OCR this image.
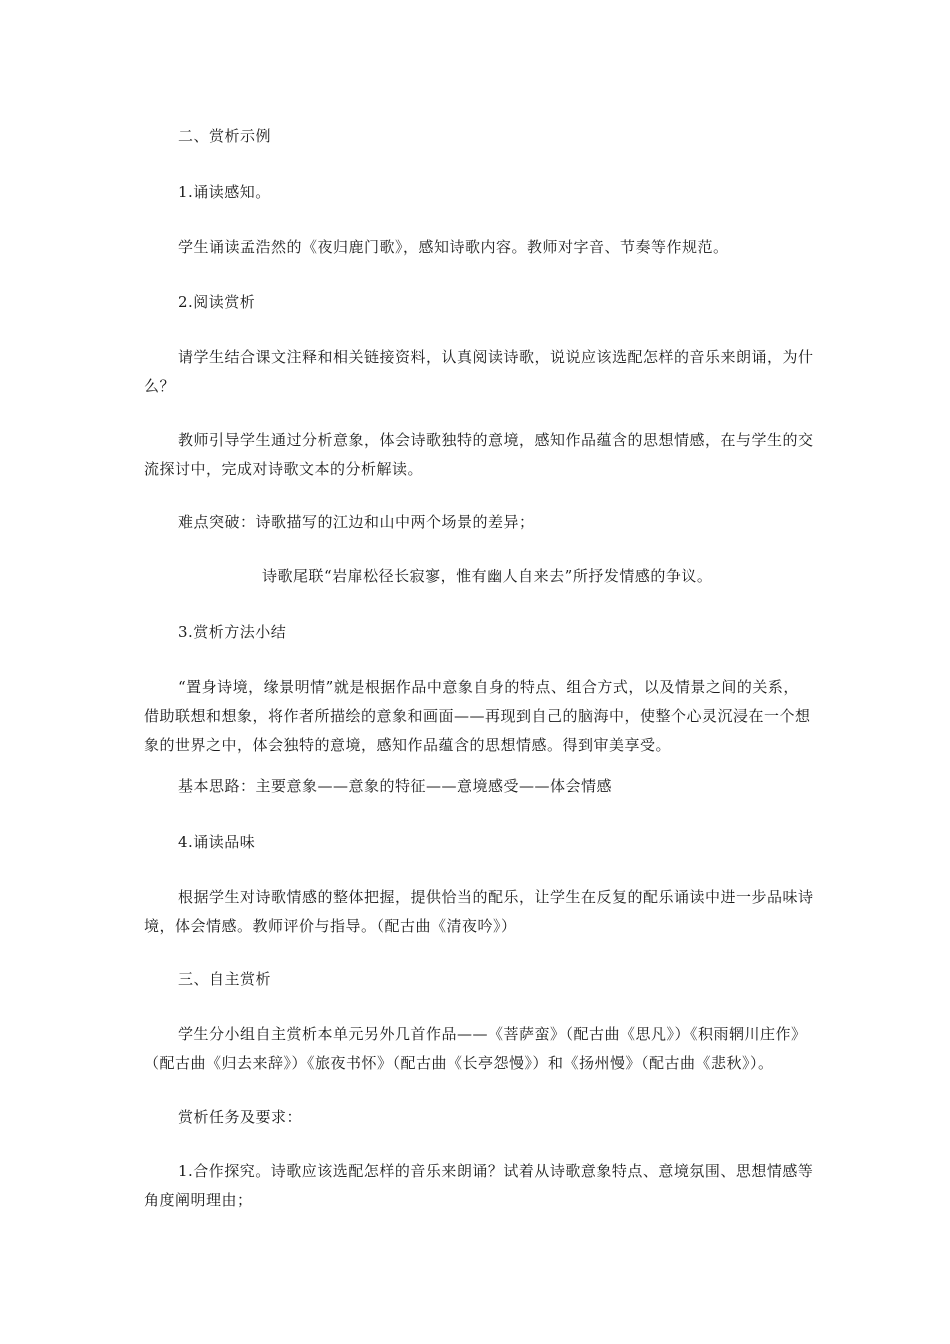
二、赏析示例

1.诵读感知。

学生诵读孟浩然的《夜归鹿门歌》，感知诗歌内容。教师对字音、节奏等作规范。

2.阅读赏析

请学生结合课文注释和相关链接资料，认真阅读诗歌，说说应该选配怎样的音乐来朗诵，为什么？

教师引导学生通过分析意象，体会诗歌独特的意境，感知作品蕴含的思想情感，在与学生的交流探讨中，完成对诗歌文本的分析解读。

难点突破：诗歌描写的江边和山中两个场景的差异；

诗歌尾联“岩扉松径长寂寥，惟有幽人自来去”所抒发情感的争议。

3.赏析方法小结

“置身诗境，缘景明情”就是根据作品中意象自身的特点、组合方式，以及情景之间的关系，借助联想和想象，将作者所描绘的意象和画面——再现到自己的脑海中，使整个心灵沉浸在一个想象的世界之中，体会独特的意境，感知作品蕴含的思想情感。得到审美享受。

基本思路：主要意象——意象的特征——意境感受——体会情感

4.诵读品味

根据学生对诗歌情感的整体把握，提供恰当的配乐，让学生在反复的配乐诵读中进一步品味诗境，体会情感。教师评价与指导。（配古曲《清夜吟》）

三、自主赏析

学生分小组自主赏析本单元另外几首作品——《菩萨蛮》（配古曲《思凡》）《积雨辋川庄作》（配古曲《归去来辞》）《旅夜书怀》（配古曲《长亭怨慢》）和《扬州慢》（配古曲《悲秋》）。

赏析任务及要求：

1.合作探究。诗歌应该选配怎样的音乐来朗诵？试着从诗歌意象特点、意境氛围、思想情感等角度阐明理由；
